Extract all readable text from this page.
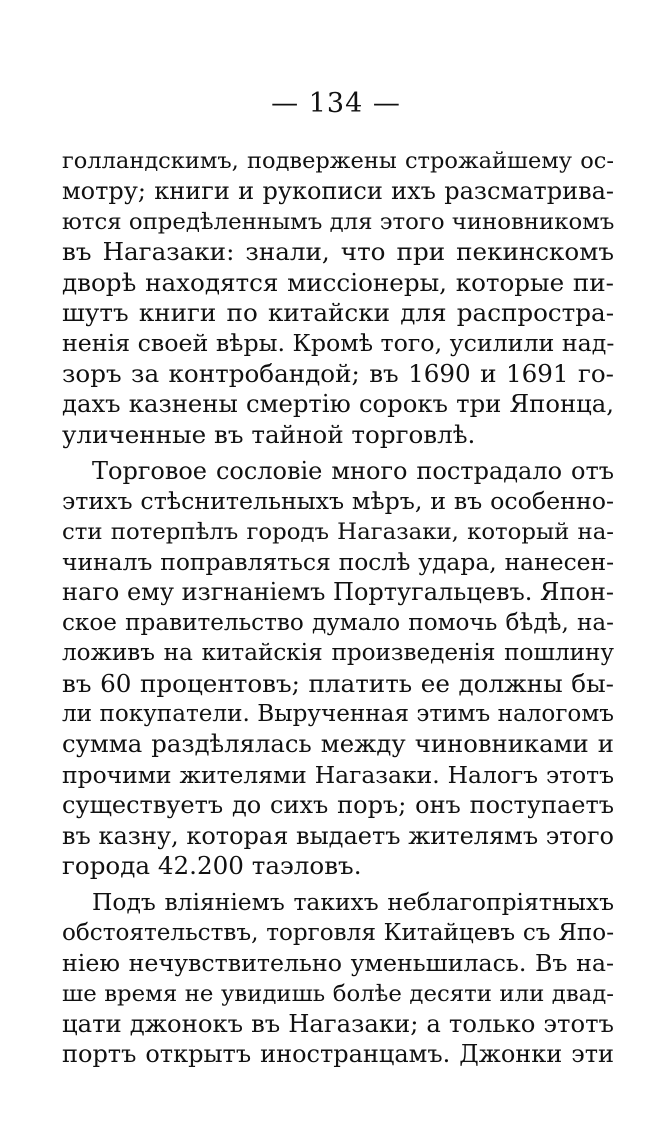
— 134 —
голландскимъ, подвержены строжайшему ос-
мотру; книги и рукописи ихъ разсматрива-
ются опредѣленнымъ для этого чиновникомъ
въ Нагазаки: знали, что при пекинскомъ
дворѣ находятся миссіонеры, которые пи-
шутъ книги по китайски для распростра-
ненія своей вѣры. Кромѣ того, усилили над-
зоръ за контробандой; въ 1690 и 1691 го-
дахъ казнены смертію сорокъ три Японца,
уличенные въ тайной торговлѣ.
Торговое сословіе много пострадало отъ
этихъ стѣснительныхъ мѣръ, и въ особенно-
сти потерпѣлъ городъ Нагазаки, который на-
чиналъ поправляться послѣ удара, нанесен-
наго ему изгнаніемъ Португальцевъ. Япон-
ское правительство думало помочь бѣдѣ, на-
ложивъ на китайскія произведенія пошлину
въ 60 процентовъ; платить ее должны бы-
ли покупатели. Вырученная этимъ налогомъ
сумма раздѣлялась между чиновниками и
прочими жителями Нагазаки. Налогъ этотъ
существуетъ до сихъ поръ; онъ поступаетъ
въ казну, которая выдаетъ жителямъ этого
города 42.200 таэловъ.
Подъ вліяніемъ такихъ неблагопріятныхъ
обстоятельствъ, торговля Китайцевъ съ Япо-
ніею нечувствительно уменьшилась. Въ на-
ше время не увидишь болѣе десяти или двад-
цати джонокъ въ Нагазаки; а только этотъ
портъ открытъ иностранцамъ. Джонки эти
